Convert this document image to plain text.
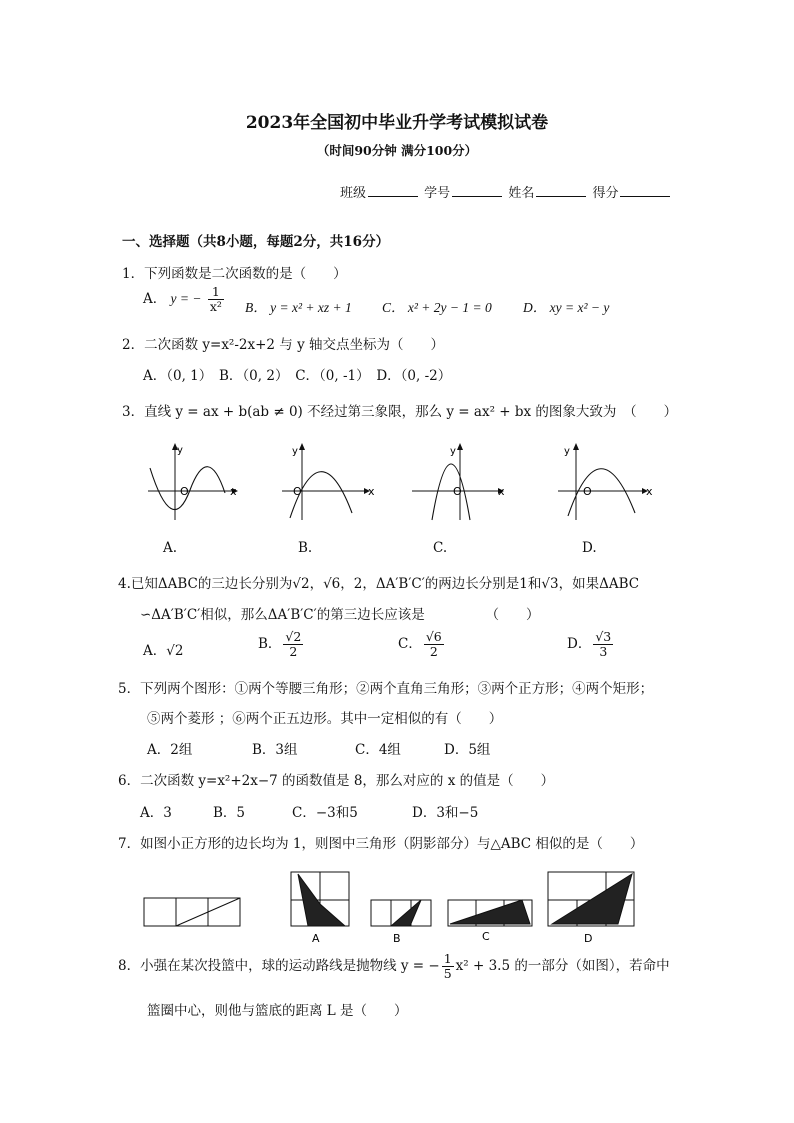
2023年全国初中毕业升学考试模拟试卷
（时间90分钟 满分100分）
班级	学号	姓名	得分
一、选择题（共8小题，每题2分，共16分）
1．下列函数是二次函数的是（　　）
A． y = − $\frac{1}{\text{x²}}$ B． y = x² + xz + 1 C． x² + 2y − 1 = 0 D． xy = x² − y
2．二次函数 y=x²-2x+2 与 y 轴交点坐标为（　　）
A．（0, 1）　B．（0, 2）　C．（0, -1）　D．（0, -2）
3．直线 y = ax + b(ab ≠ 0) 不经过第三象限，那么 y = ax² + bx 的图象大致为　（　　）
y
x
O
y
x
O
y
x
O
y
x
O
A.	B.	C.	D.
4.已知ΔABC的三边长分别为√2，√6，2，ΔA′B′C′的两边长分别是1和√3，如果ΔABC
∽ΔA′B′C′相似，那么ΔA′B′C′的第三边长应该是　　　　　（　　）
A．√2	B． $\frac{√2}{2}$	C． $\frac{√6}{2}$	D． $\frac{√3}{3}$
5．下列两个图形：①两个等腰三角形；②两个直角三角形；③两个正方形；④两个矩形；
⑤两个菱形 ；⑥两个正五边形。其中一定相似的有（　　）
A．2组	B．3组	C．4组	D．5组
6．二次函数 y=x²+2x−7 的函数值是 8，那么对应的 x 的值是（　　）
A．3	B．5	C．−3和5	D．3和−5
7．如图小正方形的边长均为 1，则图中三角形（阴影部分）与△ABC 相似的是（　　）
A	B	C	D
8．小强在某次投篮中，球的运动路线是抛物线 y = − $\frac{1}{5} x^2 + 3.5$ 的一部分（如图），若命中
篮圈中心，则他与篮底的距离 L 是（　　）
